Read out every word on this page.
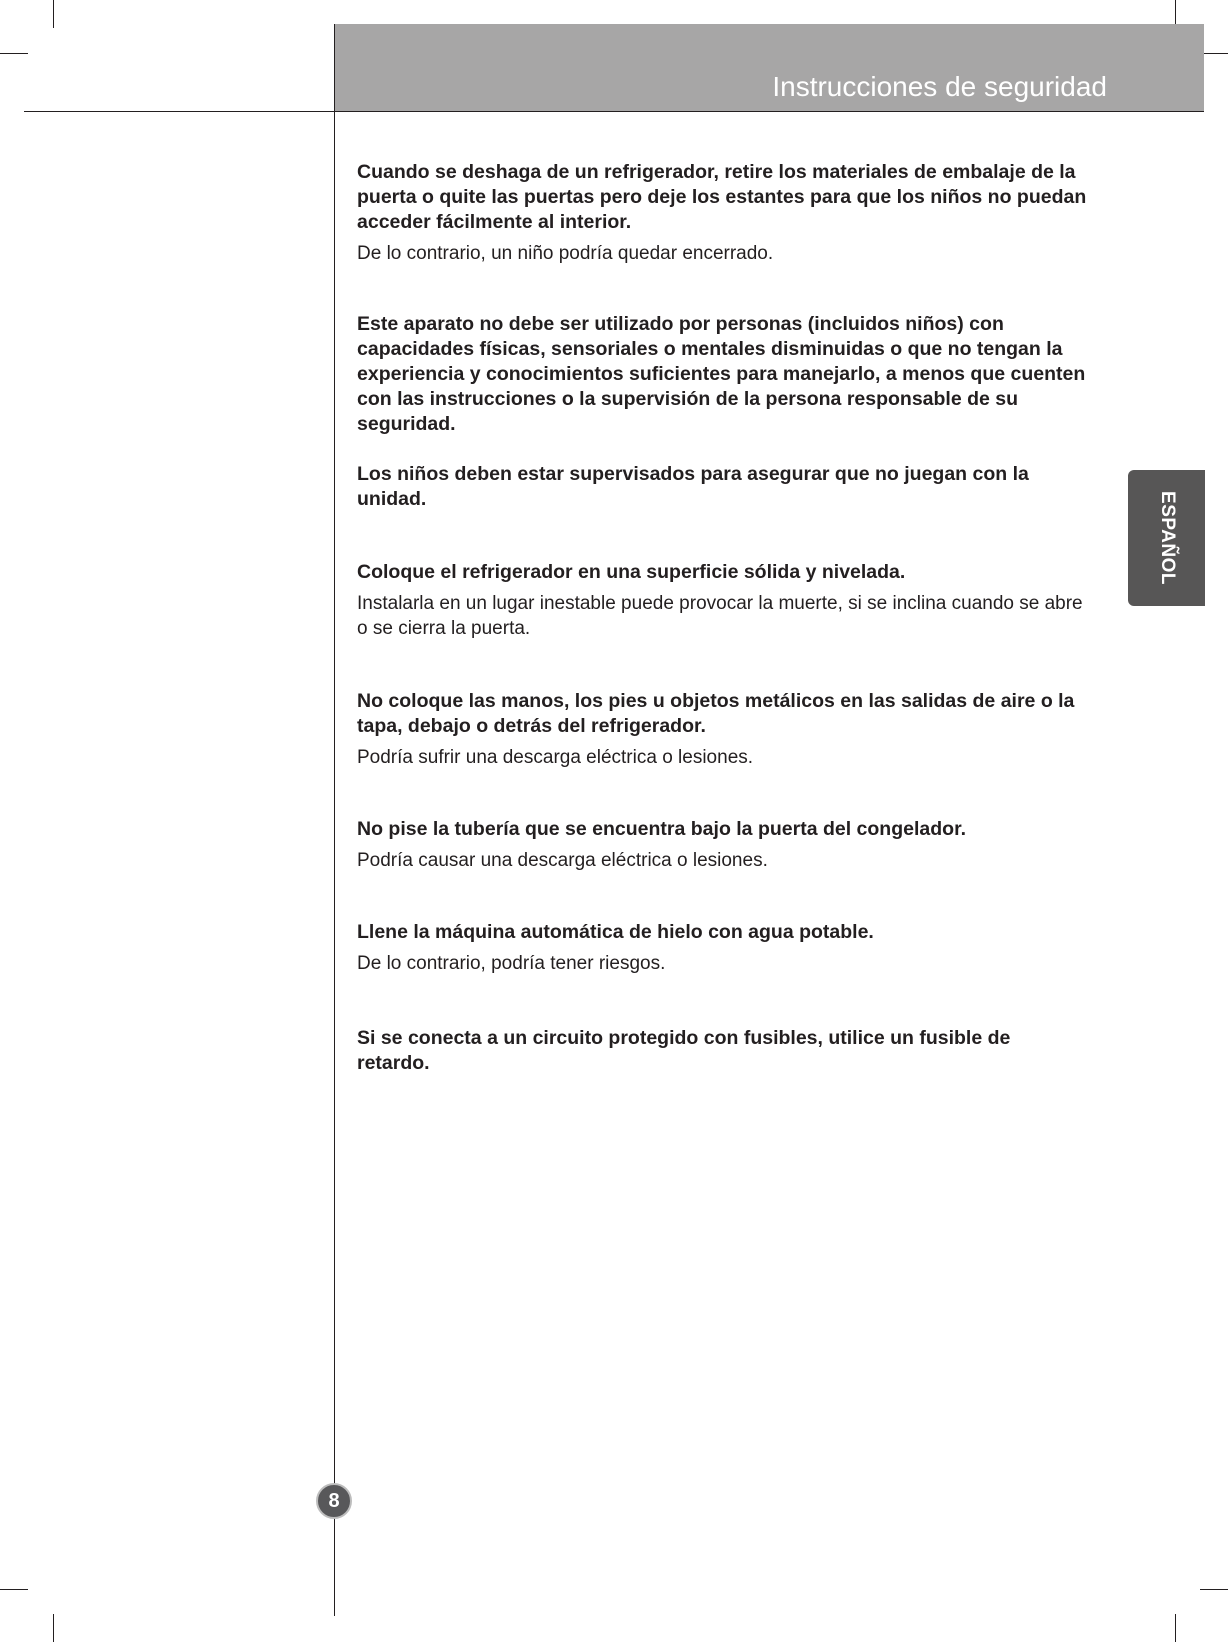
Instrucciones de seguridad

Cuando se deshaga de un refrigerador, retire los materiales de embalaje de la puerta o quite las puertas pero deje los estantes para que los niños no puedan acceder fácilmente al interior.

De lo contrario, un niño podría quedar encerrado.

Este aparato no debe ser utilizado por personas (incluidos niños) con capacidades físicas, sensoriales o mentales disminuidas o que no tengan la experiencia y conocimientos suficientes para manejarlo, a menos que cuenten con las instrucciones o la supervisión de la persona responsable de su seguridad.

Los niños deben estar supervisados para asegurar que no juegan con la unidad.

Coloque el refrigerador en una superficie sólida y nivelada.

Instalarla en un lugar inestable puede provocar la muerte, si se inclina cuando se abre o se cierra la puerta.

No coloque las manos, los pies u objetos metálicos en las salidas de aire o la tapa, debajo o detrás del refrigerador.

Podría sufrir una descarga eléctrica o lesiones.

No pise la tubería que se encuentra bajo la puerta del congelador.

Podría causar una descarga eléctrica o lesiones.

Llene la máquina automática de hielo con agua potable.

De lo contrario, podría tener riesgos.

Si se conecta a un circuito protegido con fusibles, utilice un fusible de retardo.

ESPAÑOL
8
